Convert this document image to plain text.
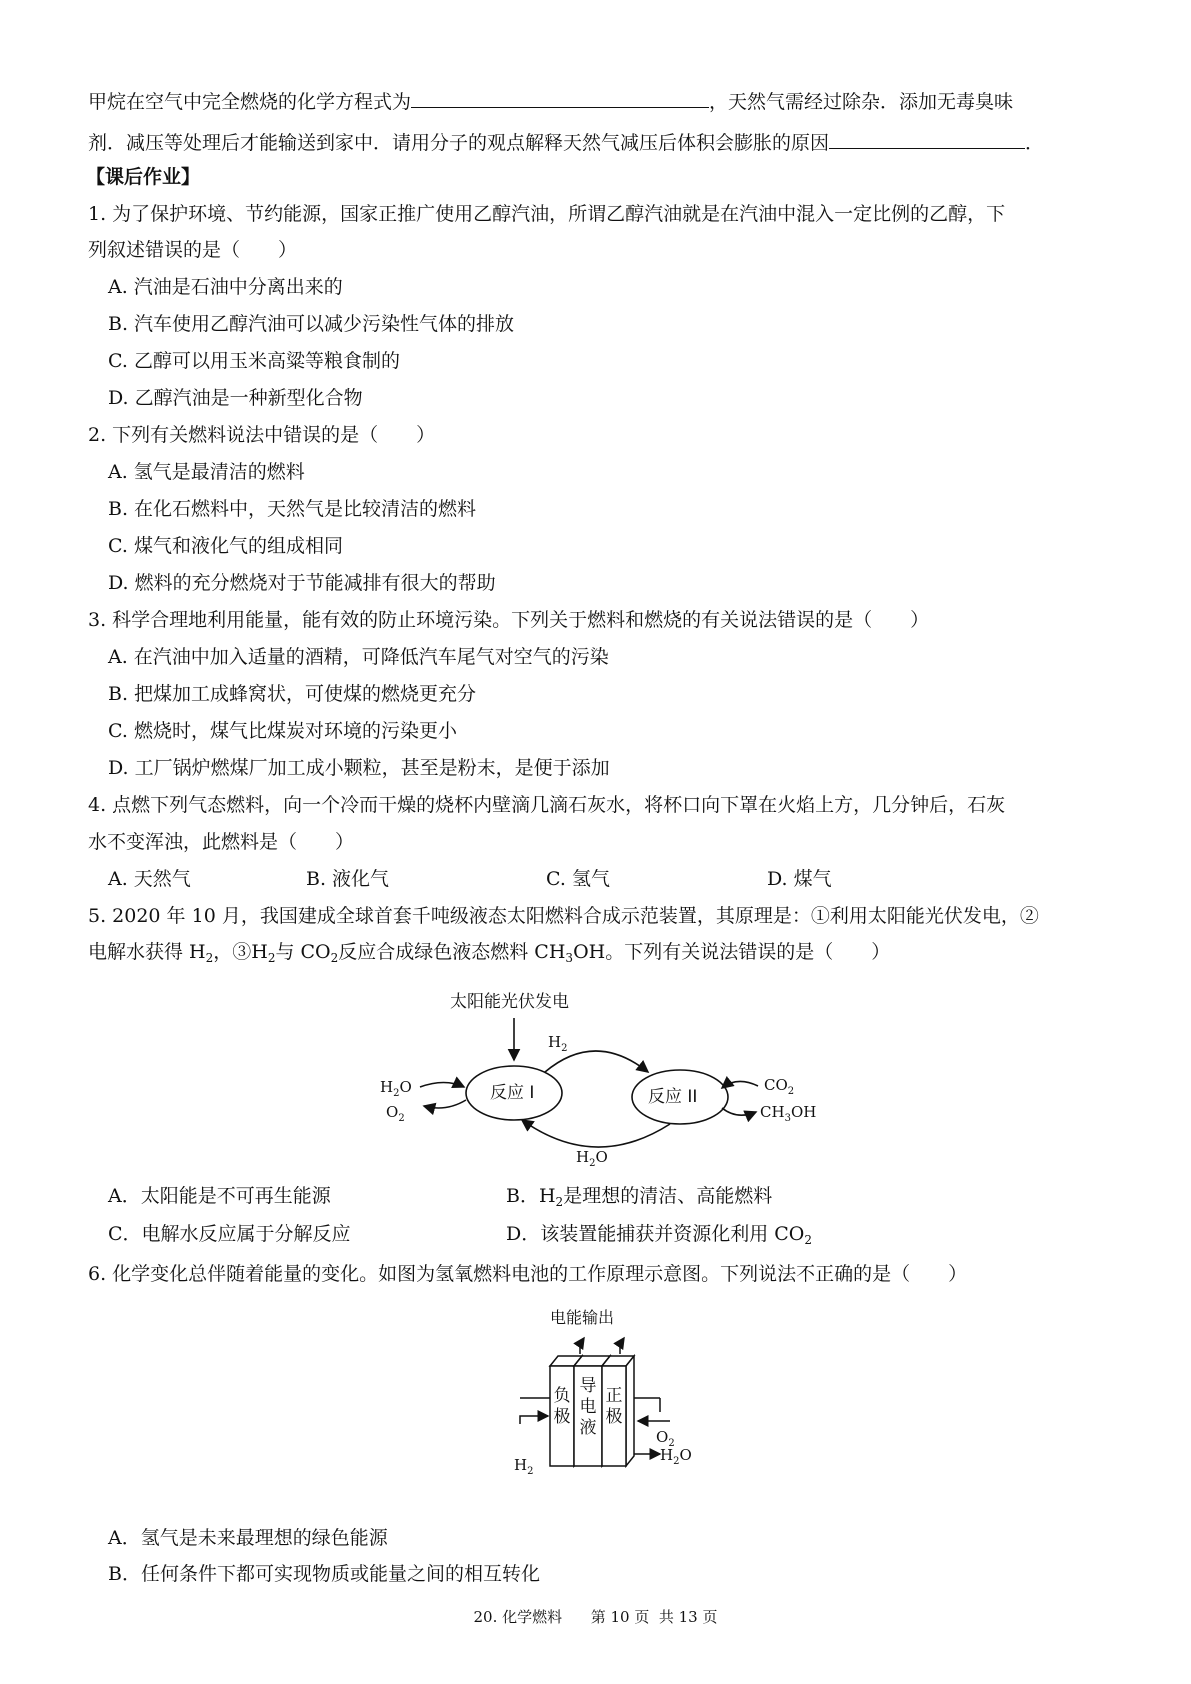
甲烷在空气中完全燃烧的化学方程式为	，天然气需经过除杂．添加无毒臭味
剂．减压等处理后才能输送到家中．请用分子的观点解释天然气减压后体积会膨胀的原因	．
【课后作业】
1. 为了保护环境、节约能源，国家正推广使用乙醇汽油，所谓乙醇汽油就是在汽油中混入一定比例的乙醇，下
列叙述错误的是（　　）
A. 汽油是石油中分离出来的
B. 汽车使用乙醇汽油可以减少污染性气体的排放
C. 乙醇可以用玉米高粱等粮食制的
D. 乙醇汽油是一种新型化合物
2. 下列有关燃料说法中错误的是（　　）
A. 氢气是最清洁的燃料
B. 在化石燃料中，天然气是比较清洁的燃料
C. 煤气和液化气的组成相同
D. 燃料的充分燃烧对于节能减排有很大的帮助
3. 科学合理地利用能量，能有效的防止环境污染。下列关于燃料和燃烧的有关说法错误的是（　　）
A. 在汽油中加入适量的酒精，可降低汽车尾气对空气的污染
B. 把煤加工成蜂窝状，可使煤的燃烧更充分
C. 燃烧时，煤气比煤炭对环境的污染更小
D. 工厂锅炉燃煤厂加工成小颗粒，甚至是粉末，是便于添加
4. 点燃下列气态燃料，向一个冷而干燥的烧杯内壁滴几滴石灰水，将杯口向下罩在火焰上方，几分钟后，石灰
水不变浑浊，此燃料是（　　）
A. 天然气	B. 液化气	C. 氢气	D. 煤气
5. 2020 年 10 月，我国建成全球首套千吨级液态太阳燃料合成示范装置，其原理是：①利用太阳能光伏发电，②
电解水获得 $H_2$，$③H_2$与 $CO_2$反应合成绿色液态燃料 $CH_3OH$。下列有关说法错误的是（　　）
太阳能光伏发电
$H_2$
$H_2O$
$O_2$
反应 I	反应 II
$CO_2$
$CH_3OH$
$H_2O$
A．太阳能是不可再生能源	B．$H_2$是理想的清洁、高能燃料
C．电解水反应属于分解反应	D．该装置能捕获并资源化利用 $CO_2$
6. 化学变化总伴随着能量的变化。如图为氢氧燃料电池的工作原理示意图。下列说法不正确的是（　　）
电能输出
负
极
导
电
液
正
极
$H_2$
$O_2$
$H_2O$
A．氢气是未来最理想的绿色能源
B．任何条件下都可实现物质或能量之间的相互转化
20. 化学燃料      第 10 页  共 13 页
